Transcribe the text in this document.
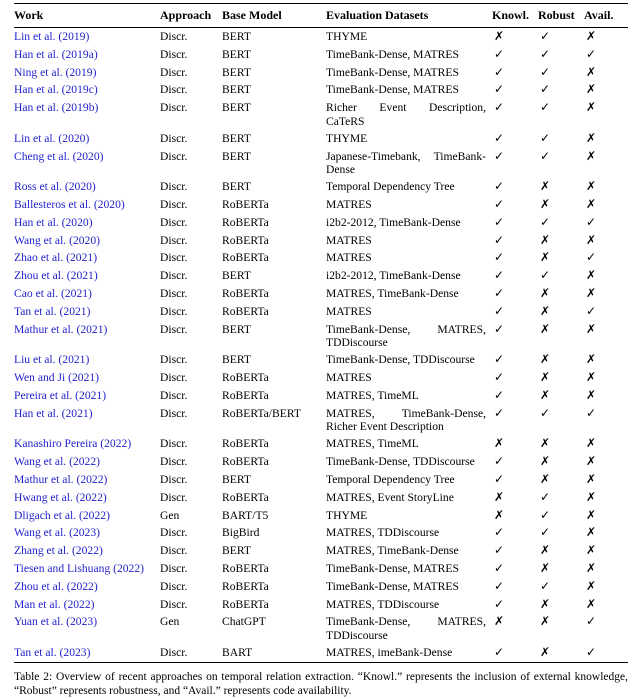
Work	Approach	Base Model	Evaluation Datasets	Knowl.	Robust	Avail.
Lin et al. (2019)	Discr.	BERT	THYME	✗	✓	✗
Han et al. (2019a)	Discr.	BERT	TimeBank-Dense, MATRES	✓	✓	✓
Ning et al. (2019)	Discr.	BERT	TimeBank-Dense, MATRES	✓	✓	✗
Han et al. (2019c)	Discr.	BERT	TimeBank-Dense, MATRES	✓	✓	✗
Han et al. (2019b)	Discr.	BERT	Richer Event Description, CaTeRS	✓	✓	✗
Lin et al. (2020)	Discr.	BERT	THYME	✓	✓	✗
Cheng et al. (2020)	Discr.	BERT	Japanese-Timebank, TimeBank-Dense	✓	✓	✗
Ross et al. (2020)	Discr.	BERT	Temporal Dependency Tree	✓	✗	✗
Ballesteros et al. (2020)	Discr.	RoBERTa	MATRES	✓	✗	✗
Han et al. (2020)	Discr.	RoBERTa	i2b2-2012, TimeBank-Dense	✓	✓	✓
Wang et al. (2020)	Discr.	RoBERTa	MATRES	✓	✗	✗
Zhao et al. (2021)	Discr.	RoBERTa	MATRES	✓	✗	✓
Zhou et al. (2021)	Discr.	BERT	i2b2-2012, TimeBank-Dense	✓	✓	✗
Cao et al. (2021)	Discr.	RoBERTa	MATRES, TimeBank-Dense	✓	✗	✗
Tan et al. (2021)	Discr.	RoBERTa	MATRES	✓	✗	✓
Mathur et al. (2021)	Discr.	BERT	TimeBank-Dense, MATRES, TDDiscourse	✓	✗	✗
Liu et al. (2021)	Discr.	BERT	TimeBank-Dense, TDDiscourse	✓	✗	✗
Wen and Ji (2021)	Discr.	RoBERTa	MATRES	✓	✗	✗
Pereira et al. (2021)	Discr.	RoBERTa	MATRES, TimeML	✓	✗	✗
Han et al. (2021)	Discr.	RoBERTa/BERT	MATRES, TimeBank-Dense, Richer Event Description	✓	✓	✓
Kanashiro Pereira (2022)	Discr.	RoBERTa	MATRES, TimeML	✗	✗	✗
Wang et al. (2022)	Discr.	RoBERTa	TimeBank-Dense, TDDiscourse	✓	✗	✗
Mathur et al. (2022)	Discr.	BERT	Temporal Dependency Tree	✓	✗	✗
Hwang et al. (2022)	Discr.	RoBERTa	MATRES, Event StoryLine	✗	✓	✗
Dligach et al. (2022)	Gen	BART/T5	THYME	✗	✓	✗
Wang et al. (2023)	Discr.	BigBird	MATRES, TDDiscourse	✓	✓	✗
Zhang et al. (2022)	Discr.	BERT	MATRES, TimeBank-Dense	✓	✗	✗
Tiesen and Lishuang (2022)	Discr.	RoBERTa	TimeBank-Dense, MATRES	✓	✗	✗
Zhou et al. (2022)	Discr.	RoBERTa	TimeBank-Dense, MATRES	✓	✓	✗
Man et al. (2022)	Discr.	RoBERTa	MATRES, TDDiscourse	✓	✗	✗
Yuan et al. (2023)	Gen	ChatGPT	TimeBank-Dense, MATRES, TDDiscourse	✗	✗	✓
Tan et al. (2023)	Discr.	BART	MATRES, imeBank-Dense	✓	✗	✓
Table 2: Overview of recent approaches on temporal relation extraction. “Knowl.” represents the inclusion of external knowledge, “Robust” represents robustness, and “Avail.” represents code availability.
